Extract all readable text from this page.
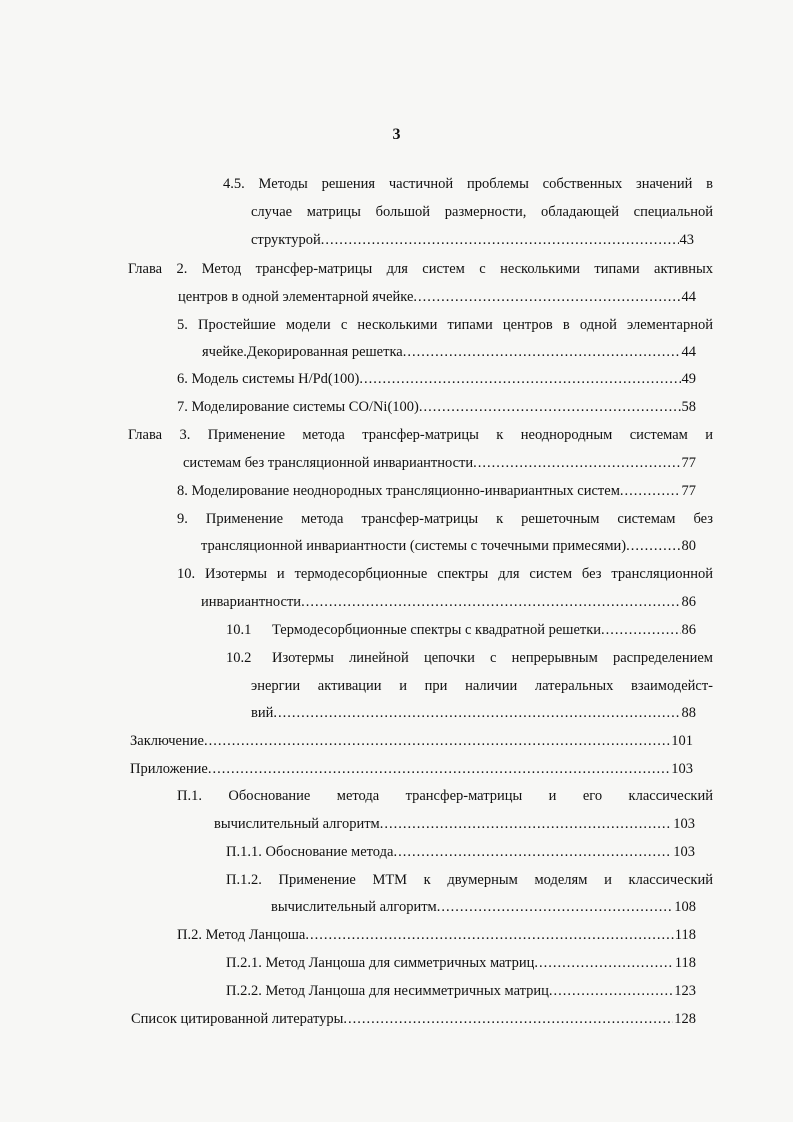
3
4.5. Методы решения частичной проблемы собственных значений в
случае матрицы большой размерности, обладающей специальной
структурой .....	43
Глава 2. Метод трансфер-матрицы для систем с несколькими типами активных
центров в одной элементарной ячейке .....	44
5. Простейшие модели с несколькими типами центров в одной элементарной
ячейке.Декорированная решетка .....	44
6. Модель системы H/Pd(100) .....	49
7. Моделирование системы CO/Ni(100) .....	58
Глава 3. Применение метода трансфер-матрицы к неоднородным системам и
системам без трансляционной инвариантности .....	77
8. Моделирование неоднородных трансляционно-инвариантных систем .....	77
9. Применение метода трансфер-матрицы к решеточным системам без
трансляционной инвариантности (системы с точечными примесями) .....	80
10. Изотермы и термодесорбционные спектры для систем без трансляционной
инвариантности .....	86
10.1	Термодесорбционные спектры с квадратной решетки .....	86
10.2	Изотермы линейной цепочки с непрерывным распределением
энергии активации и при наличии латеральных взаимодейст-
вий .....	88
Заключение .....	101
Приложение .....	103
П.1. Обоснование метода трансфер-матрицы и его классический
вычислительный алгоритм .....	103
П.1.1. Обоснование метода .....	103
П.1.2. Применение МТМ к двумерным моделям и классический
вычислительный алгоритм .....	108
П.2. Метод Ланцоша .....	118
П.2.1. Метод Ланцоша для симметричных матриц .....	118
П.2.2. Метод Ланцоша для несимметричных матриц .....	123
Список цитированной литературы .....	128
